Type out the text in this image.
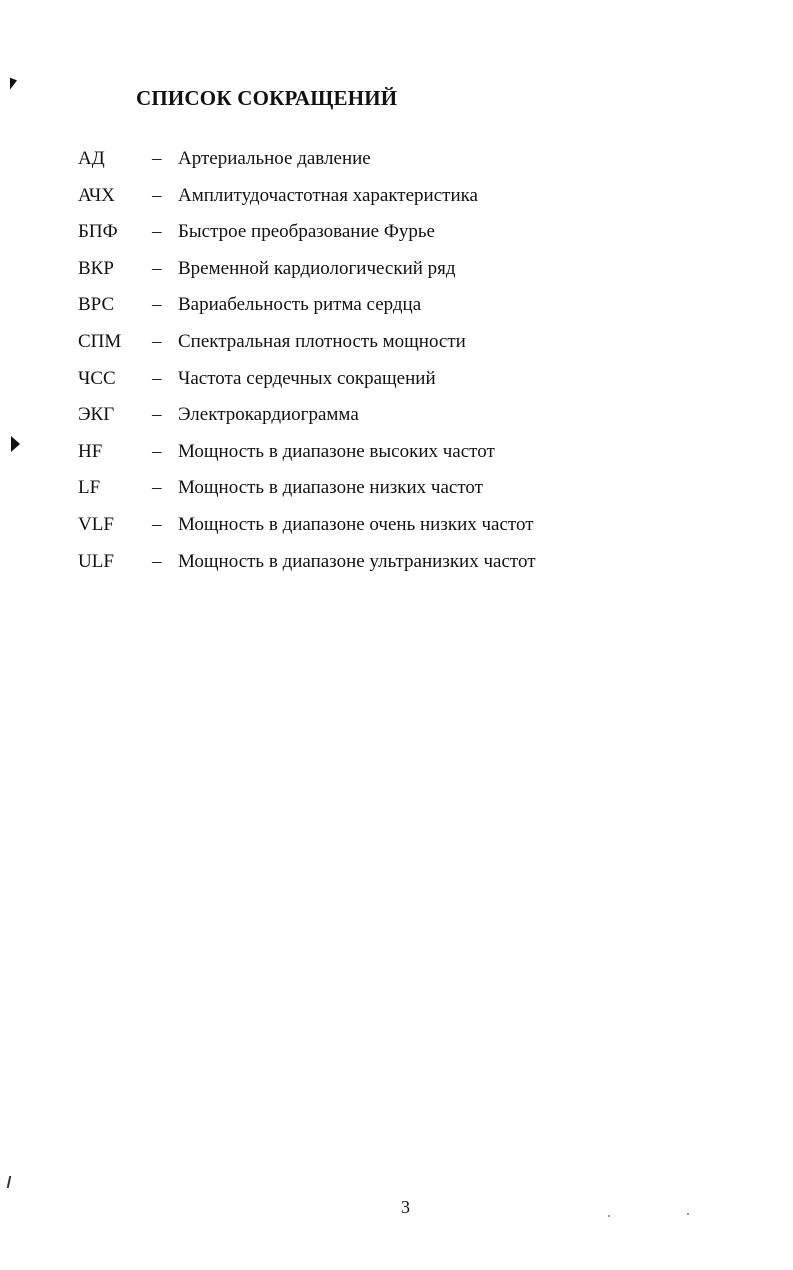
СПИСОК СОКРАЩЕНИЙ
АД – Артериальное давление
АЧХ – Амплитудочастотная характеристика
БПФ – Быстрое преобразование Фурье
ВКР – Временной кардиологический ряд
ВРС – Вариабельность ритма сердца
СПМ – Спектральная плотность мощности
ЧСС – Частота сердечных сокращений
ЭКГ – Электрокардиограмма
HF	– Мощность в диапазоне высоких частот
LF	– Мощность в диапазоне низких частот
VLF – Мощность в диапазоне очень низких частот
ULF – Мощность в диапазоне ультранизких частот
3
